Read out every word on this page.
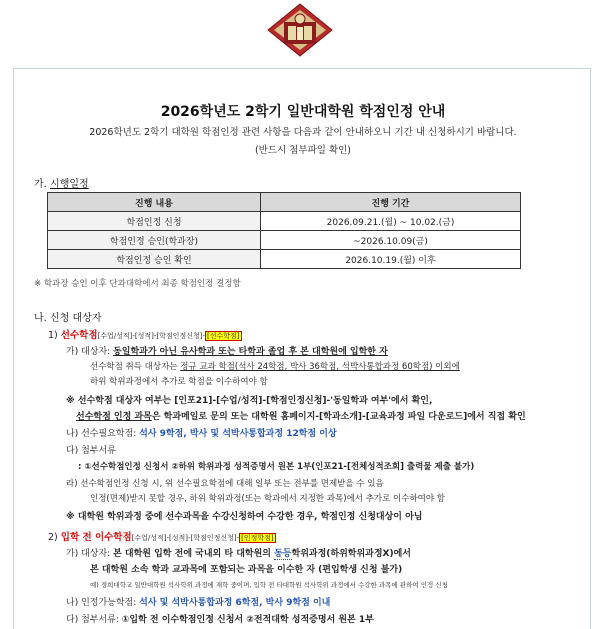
2026학년도 2학기 일반대학원 학점인정 안내
2026학년도 2학기 대학원 학점인정 관련 사항을 다음과 같이 안내하오니 기간 내 신청하시기 바랍니다.
(반드시 첨부파일 확인)
가. 시행일정
진행 내용	진행 기간
학점인정 신청	2026.09.21.(월) ~ 10.02.(금)
학점인정 승인(학과장)	~2026.10.09(금)
학점인정 승인 확인	2026.10.19.(월) 이후
※ 학과장 승인 이후 단과대학에서 최종 학점인정 결정함
나. 신청 대상자
1) 선수학점[수업/성적]-[성적]-[학점인정신청]- [선수학점]
가) 대상자: 동일학과가 아닌 유사학과 또는 타학과 졸업 후 본 대학원에 입학한 자
선수학점 취득 대상자는 정규 교과 학점(석사 24학점, 박사 36학점, 석박사통합과정 60학점) 이외에
하위 학위과정에서 추가로 학점을 이수하여야 함
※ 선수학점 대상자 여부는 [인포21]-[수업/성적]-[학점인정신청]-'동일학과 여부'에서 확인,
선수학점 인정 과목은 학과메일로 문의 또는 대학원 홈페이지-[학과소개]-[교육과정 파일 다운로드]에서 직접 확인
나) 선수필요학점: 석사 9학점, 박사 및 석박사통합과정 12학점 이상
다) 첨부서류
: ①선수학점인정 신청서 ②하위 학위과정 성적증명서 원본 1부(인포21-[전체성적조회] 출력물 제출 불가)
라) 선수학점인정 신청 시, 위 선수필요학점에 대해 일부 또는 전부를 면제받을 수 있음
인정(면제)받지 못할 경우, 하위 학위과정(또는 학과에서 지정한 과목)에서 추가로 이수하여야 함
※ 대학원 학위과정 중에 선수과목을 수강신청하여 수강한 경우, 학점인정 신청대상이 아님
2) 입학 전 이수학점[수업/성적]-[성적]-[학점인정신청]- [인정학점]
가) 대상자: 본 대학원 입학 전에 국내외 타 대학원의 동등학위과정(하위학위과정X)에서
본 대학원 소속 학과 교과목에 포함되는 과목을 이수한 자 (편입학생 신청 불가)
예) 경희대학교 일반대학원 석사학위 과정에 재학 중이며, 입학 전 타대학원 석사학위 과정에서 수강한 과목에 관하여 인정 신청
나) 인정가능학점: 석사 및 석박사통합과정 6학점, 박사 9학점 이내
다) 첨부서류: ①입학 전 이수학점인정 신청서 ②전적대학 성적증명서 원본 1부
